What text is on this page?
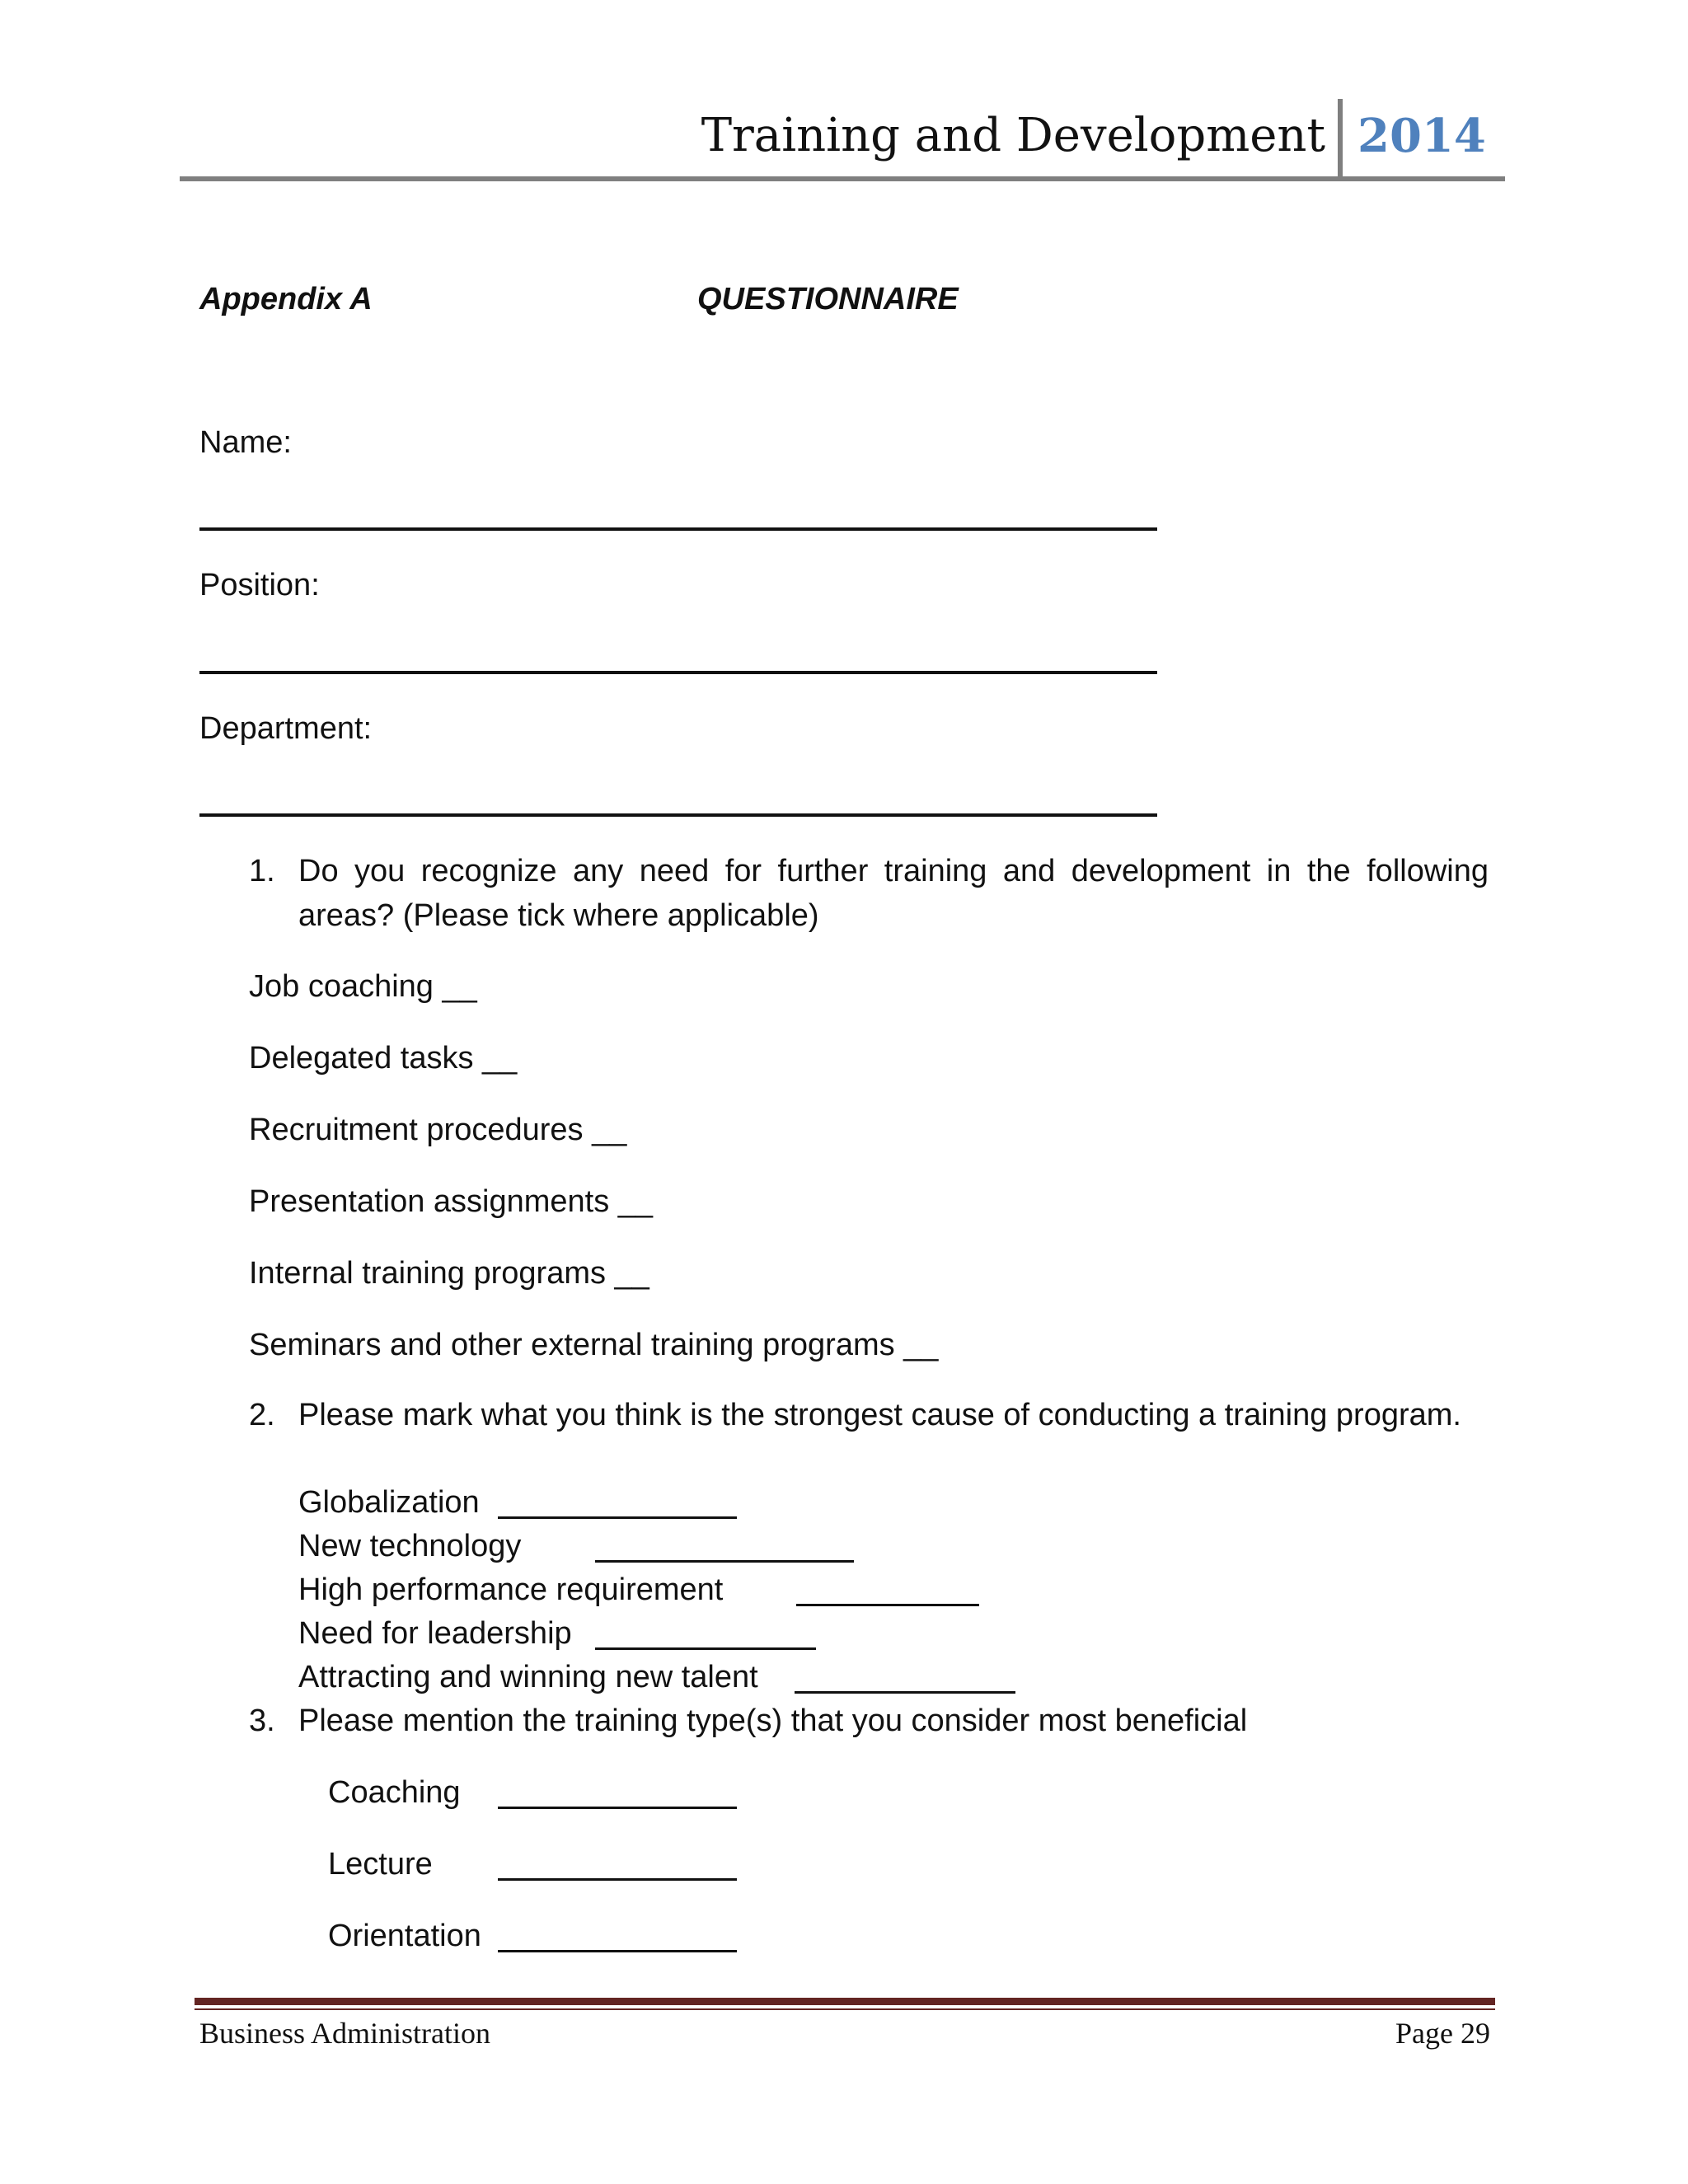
Training and Development 2014

Appendix A	QUESTIONNAIRE

Name:

Position:

Department:

1. Do you recognize any need for further training and development in the following areas? (Please tick where applicable)

Job coaching __

Delegated tasks __

Recruitment procedures __

Presentation assignments __

Internal training programs __

Seminars and other external training programs __

2. Please mark what you think is the strongest cause of conducting a training program.

Globalization

New technology

High performance requirement

Need for leadership

Attracting and winning new talent

3. Please mention the training type(s) that you consider most beneficial

Coaching

Lecture

Orientation

Business Administration	Page 29
